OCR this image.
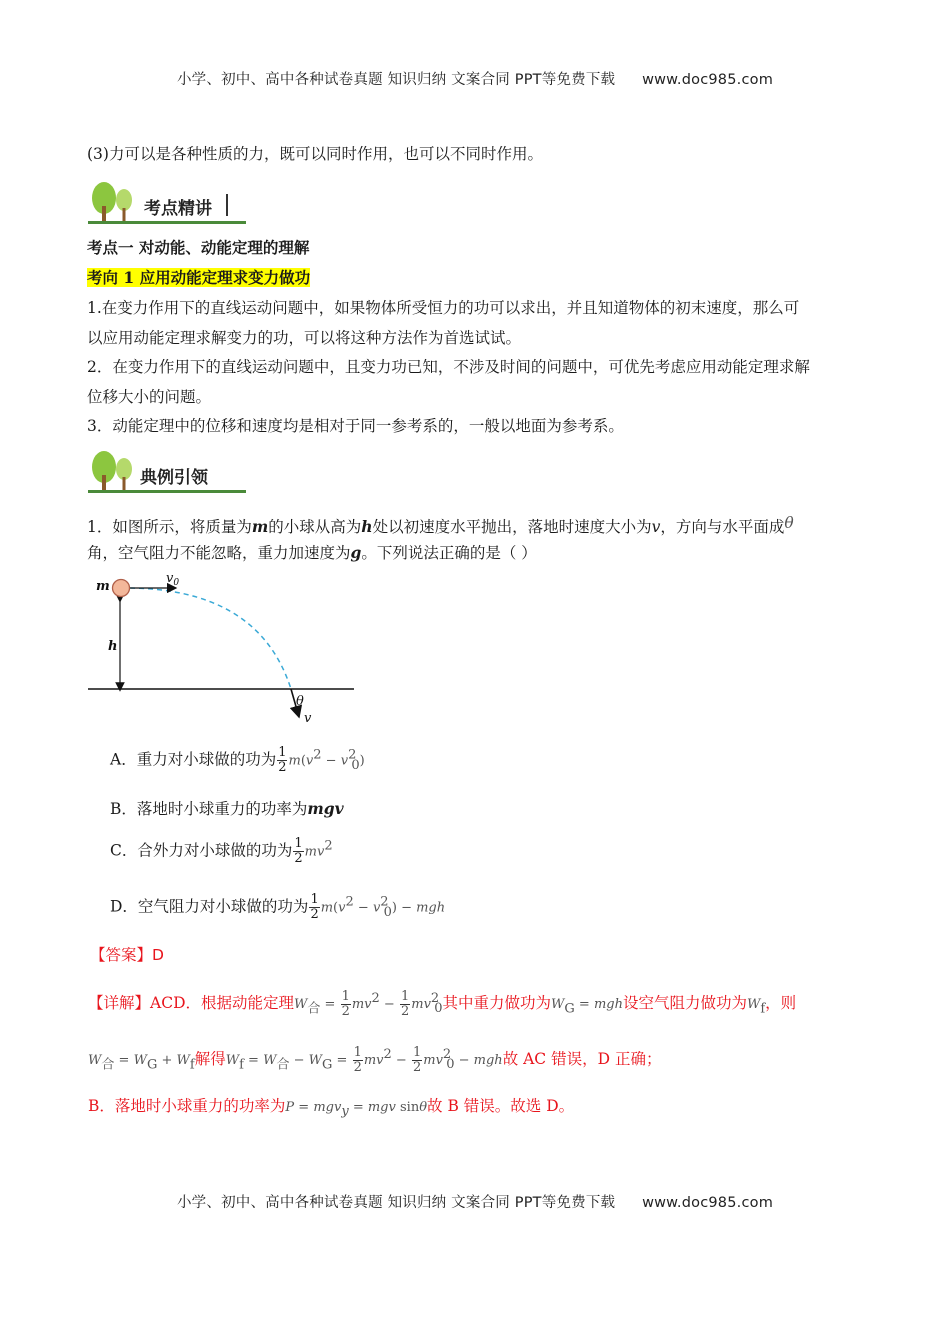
小学、初中、高中各种试卷真题 知识归纳 文案合同 PPT等免费下载 www.doc985.com
(3)力可以是各种性质的力，既可以同时作用，也可以不同时作用。
考点精讲
考点一 对动能、动能定理的理解
考向 1 应用动能定理求变力做功
1.在变力作用下的直线运动问题中，如果物体所受恒力的功可以求出，并且知道物体的初末速度，那么可
以应用动能定理求解变力的功，可以将这种方法作为首选试试。
2．在变力作用下的直线运动问题中，且变力功已知，不涉及时间的问题中，可优先考虑应用动能定理求解
位移大小的问题。
3．动能定理中的位移和速度均是相对于同一参考系的，一般以地面为参考系。
典例引领
1．如图所示，将质量为m的小球从高为h处以初速度水平抛出，落地时速度大小为v，方向与水平面成θ
角，空气阻力不能忽略，重力加速度为g。下列说法正确的是（ ）
m
$v_0$
h
θ
v
A．重力对小球做的功为 $\frac{1}{2} m(v^2 - v^2_0)$
B．落地时小球重力的功率为mgv
C．合外力对小球做的功为 $\frac{1}{2} mv^2$
D．空气阻力对小球做的功为 $\frac{1}{2} m(v^2 - v^2_0)$ − mgh
【答案】D
【详解】ACD．根据动能定理$W_合 = \frac{1}{2} mv^2 - \frac{1}{2} mv^2_0$其中重力做功为$W_G$ = mgh设空气阻力做功为$W_f$，则
$W_合 = W_G + W_f$解得$W_f = W_合 - W_G = \frac{1}{2} mv^2 - \frac{1}{2} mv^2_0$ − mgh故 AC 错误，D 正确；
B．落地时小球重力的功率为P = mgv$_y$ = mgv sinθ故 B 错误。故选 D。
小学、初中、高中各种试卷真题 知识归纳 文案合同 PPT等免费下载 www.doc985.com
